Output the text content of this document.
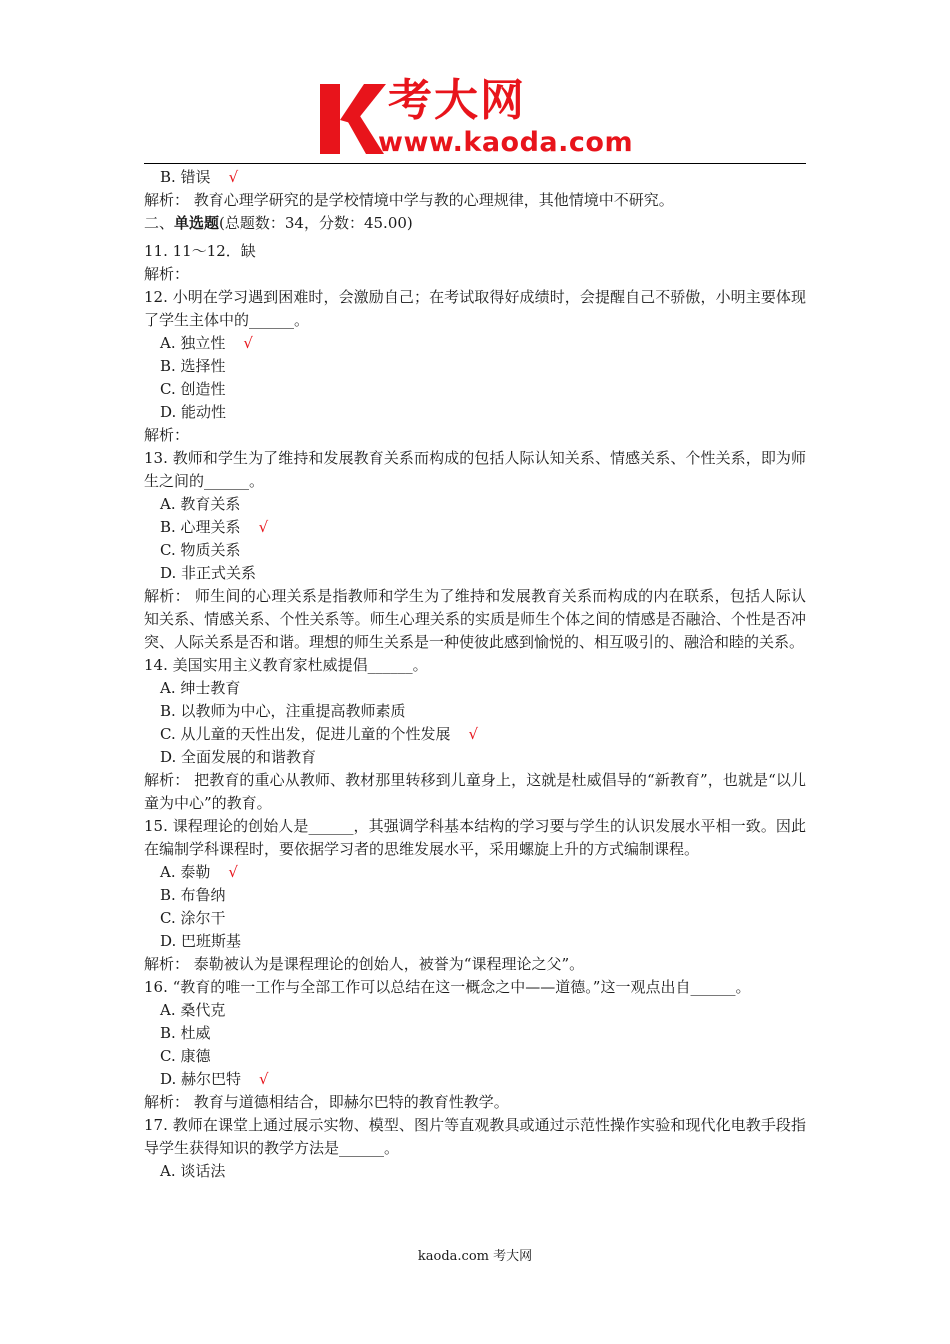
考大网
www.kaoda.com
B. 错误 √
解析： 教育心理学研究的是学校情境中学与教的心理规律，其他情境中不研究。
二、单选题(总题数：34，分数：45.00)
11. 11～12．缺
解析：
12. 小明在学习遇到困难时，会激励自己；在考试取得好成绩时，会提醒自己不骄傲，小明主要体现了学生主体中的______。
A. 独立性 √
B. 选择性
C. 创造性
D. 能动性
解析：
13. 教师和学生为了维持和发展教育关系而构成的包括人际认知关系、情感关系、个性关系，即为师生之间的______。
A. 教育关系
B. 心理关系 √
C. 物质关系
D. 非正式关系
解析： 师生间的心理关系是指教师和学生为了维持和发展教育关系而构成的内在联系，包括人际认知关系、情感关系、个性关系等。师生心理关系的实质是师生个体之间的情感是否融洽、个性是否冲突、人际关系是否和谐。理想的师生关系是一种使彼此感到愉悦的、相互吸引的、融洽和睦的关系。
14. 美国实用主义教育家杜威提倡______。
A. 绅士教育
B. 以教师为中心，注重提高教师素质
C. 从儿童的天性出发，促进儿童的个性发展 √
D. 全面发展的和谐教育
解析： 把教育的重心从教师、教材那里转移到儿童身上，这就是杜威倡导的“新教育”，也就是“以儿童为中心”的教育。
15. 课程理论的创始人是______，其强调学科基本结构的学习要与学生的认识发展水平相一致。因此在编制学科课程时，要依据学习者的思维发展水平，采用螺旋上升的方式编制课程。
A. 泰勒 √
B. 布鲁纳
C. 涂尔干
D. 巴班斯基
解析： 泰勒被认为是课程理论的创始人，被誉为“课程理论之父”。
16. “教育的唯一工作与全部工作可以总结在这一概念之中——道德。”这一观点出自______。
A. 桑代克
B. 杜威
C. 康德
D. 赫尔巴特 √
解析： 教育与道德相结合，即赫尔巴特的教育性教学。
17. 教师在课堂上通过展示实物、模型、图片等直观教具或通过示范性操作实验和现代化电教手段指导学生获得知识的教学方法是______。
A. 谈话法
kaoda.com 考大网
